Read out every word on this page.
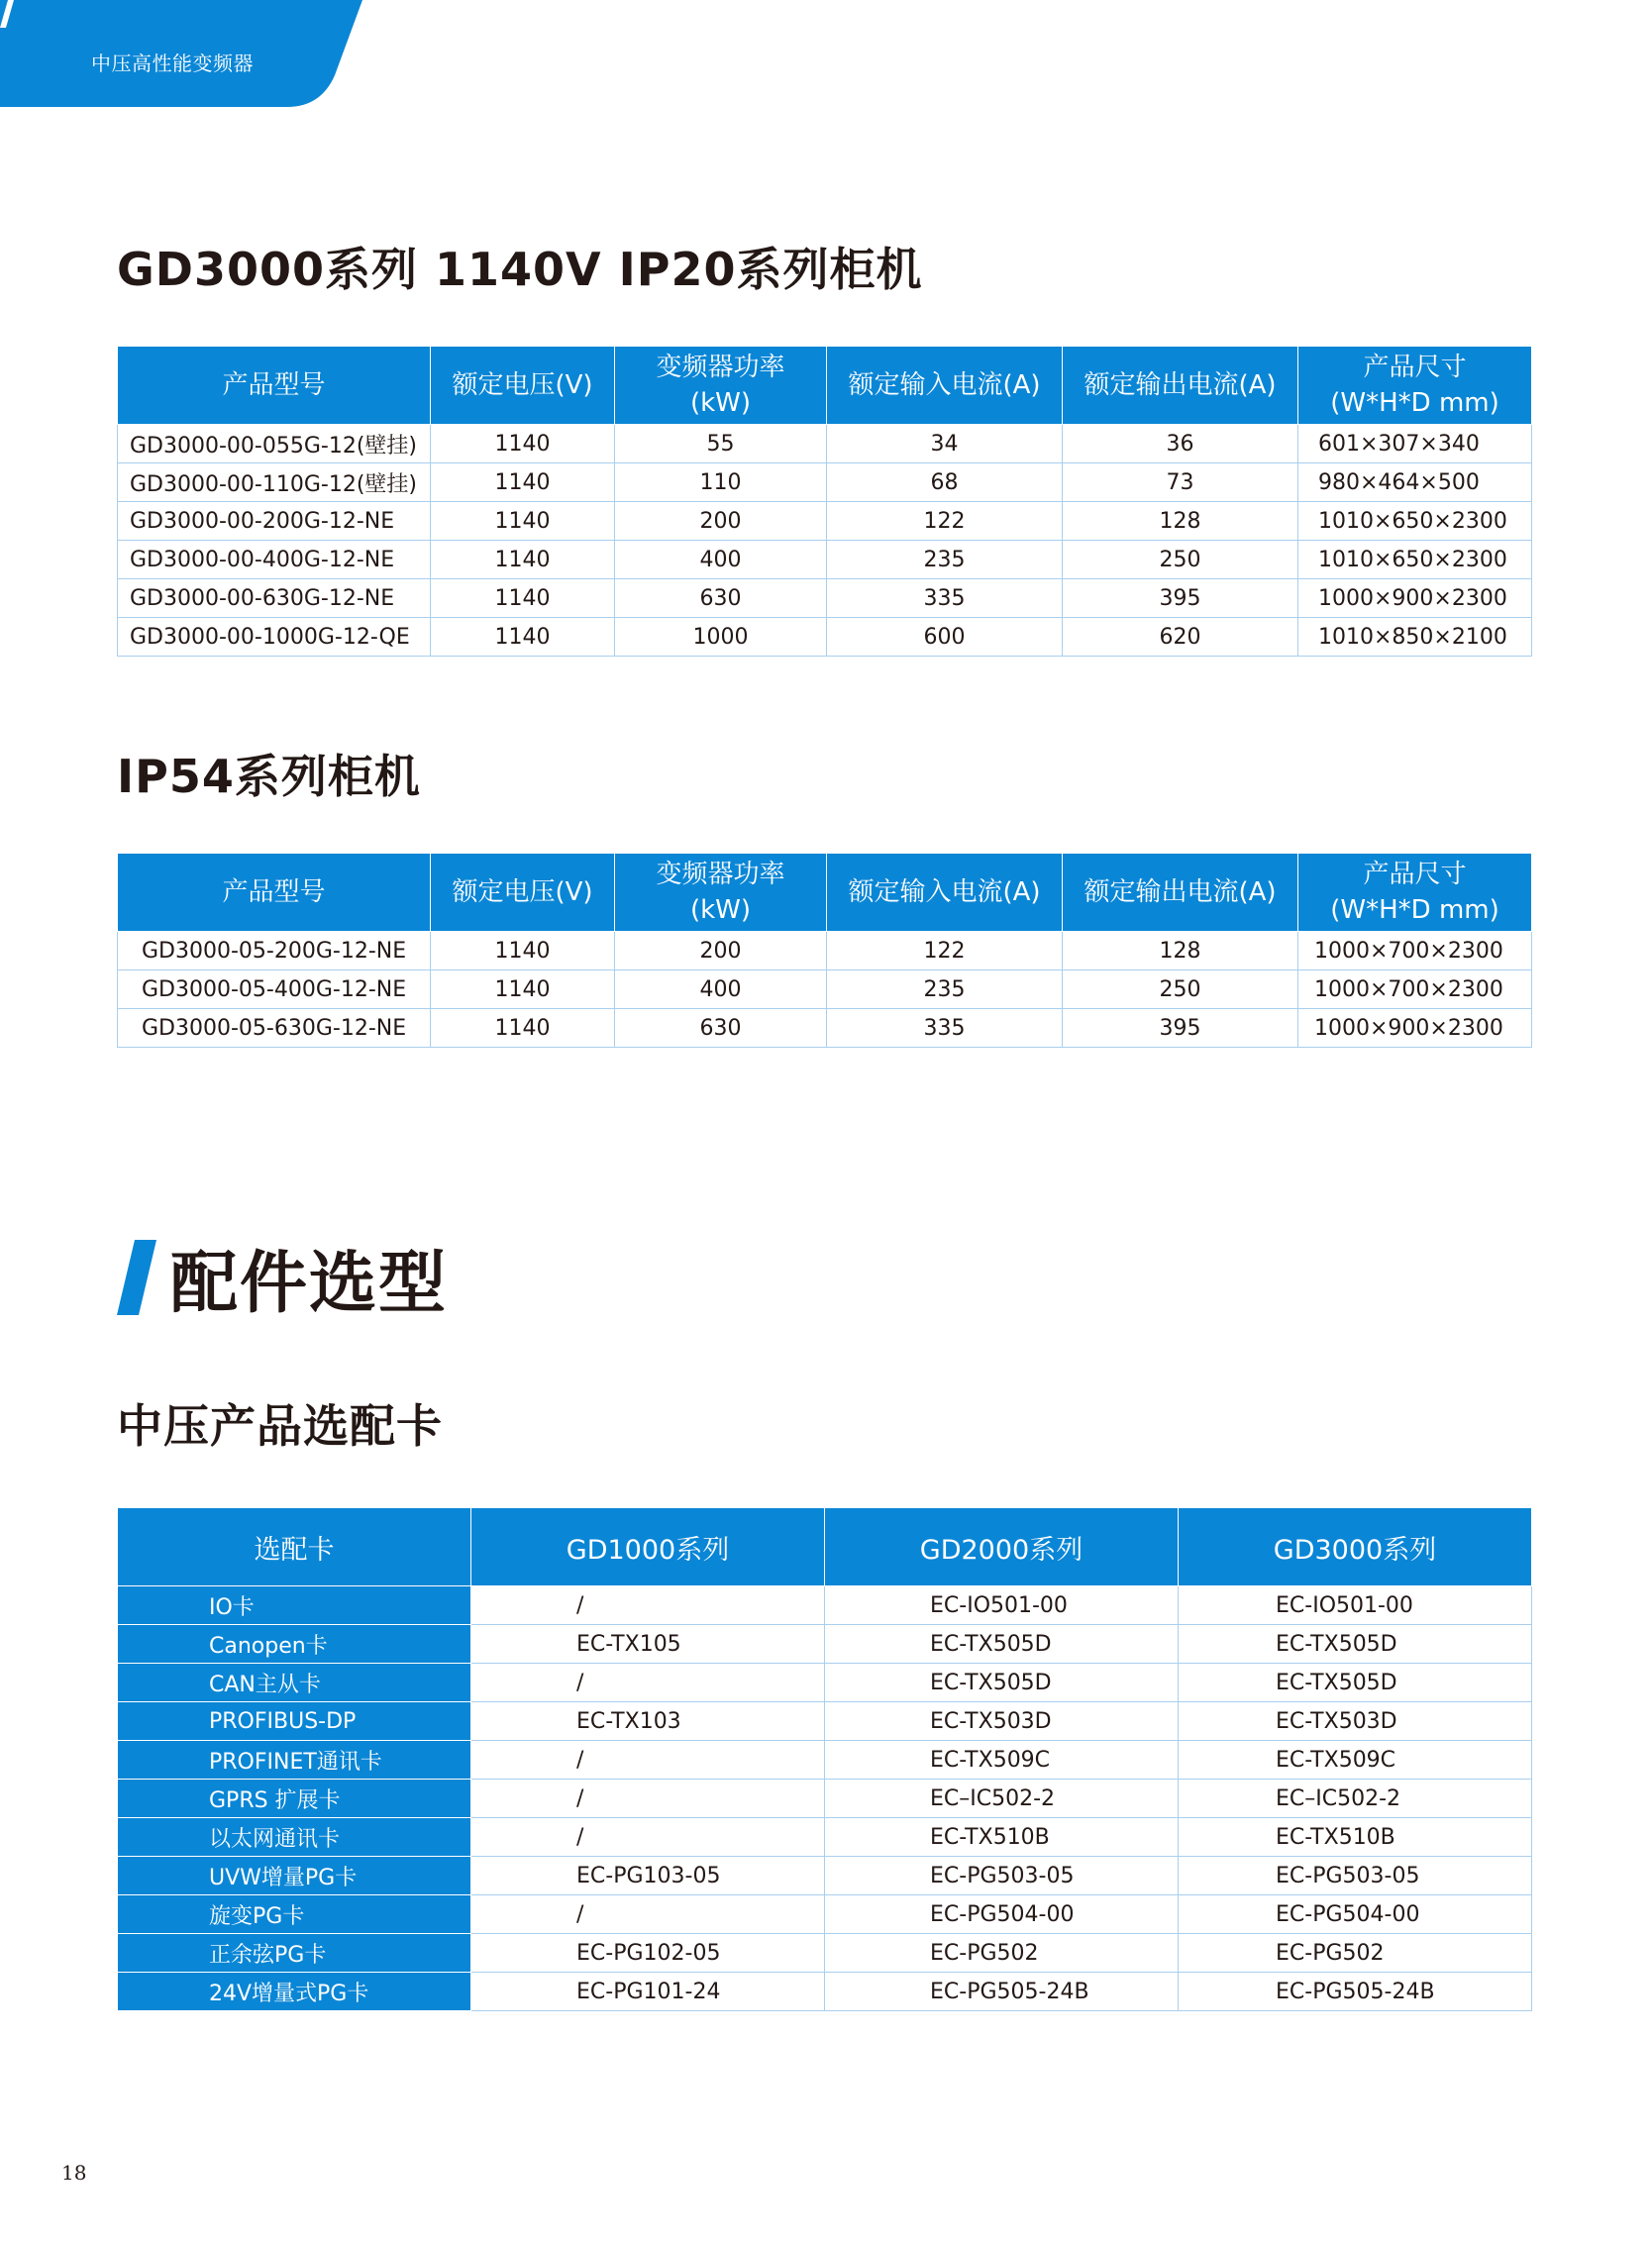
中压高性能变频器
GD3000系列 1140V IP20系列柜机
产品型号	额定电压(V)	变频器功率
(kW)	额定输入电流(A)	额定输出电流(A)	产品尺寸
(W*H*D mm)
GD3000-00-055G-12(壁挂)	1140	55	34	36	601×307×340
GD3000-00-110G-12(壁挂)	1140	110	68	73	980×464×500
GD3000-00-200G-12-NE	1140	200	122	128	1010×650×2300
GD3000-00-400G-12-NE	1140	400	235	250	1010×650×2300
GD3000-00-630G-12-NE	1140	630	335	395	1000×900×2300
GD3000-00-1000G-12-QE	1140	1000	600	620	1010×850×2100
IP54系列柜机
产品型号	额定电压(V)	变频器功率
(kW)	额定输入电流(A)	额定输出电流(A)	产品尺寸
(W*H*D mm)
GD3000-05-200G-12-NE	1140	200	122	128	1000×700×2300
GD3000-05-400G-12-NE	1140	400	235	250	1000×700×2300
GD3000-05-630G-12-NE	1140	630	335	395	1000×900×2300
配件选型
中压产品选配卡
选配卡	GD1000系列	GD2000系列	GD3000系列
IO卡	/	EC-IO501-00	EC-IO501-00
Canopen卡	EC-TX105	EC-TX505D	EC-TX505D
CAN主从卡	/	EC-TX505D	EC-TX505D
PROFIBUS-DP	EC-TX103	EC-TX503D	EC-TX503D
PROFINET通讯卡	/	EC-TX509C	EC-TX509C
GPRS 扩展卡	/	EC–IC502-2	EC–IC502-2
以太网通讯卡	/	EC-TX510B	EC-TX510B
UVW增量PG卡	EC-PG103-05	EC-PG503-05	EC-PG503-05
旋变PG卡	/	EC-PG504-00	EC-PG504-00
正余弦PG卡	EC-PG102-05	EC-PG502	EC-PG502
24V增量式PG卡	EC-PG101-24	EC-PG505-24B	EC-PG505-24B
18
